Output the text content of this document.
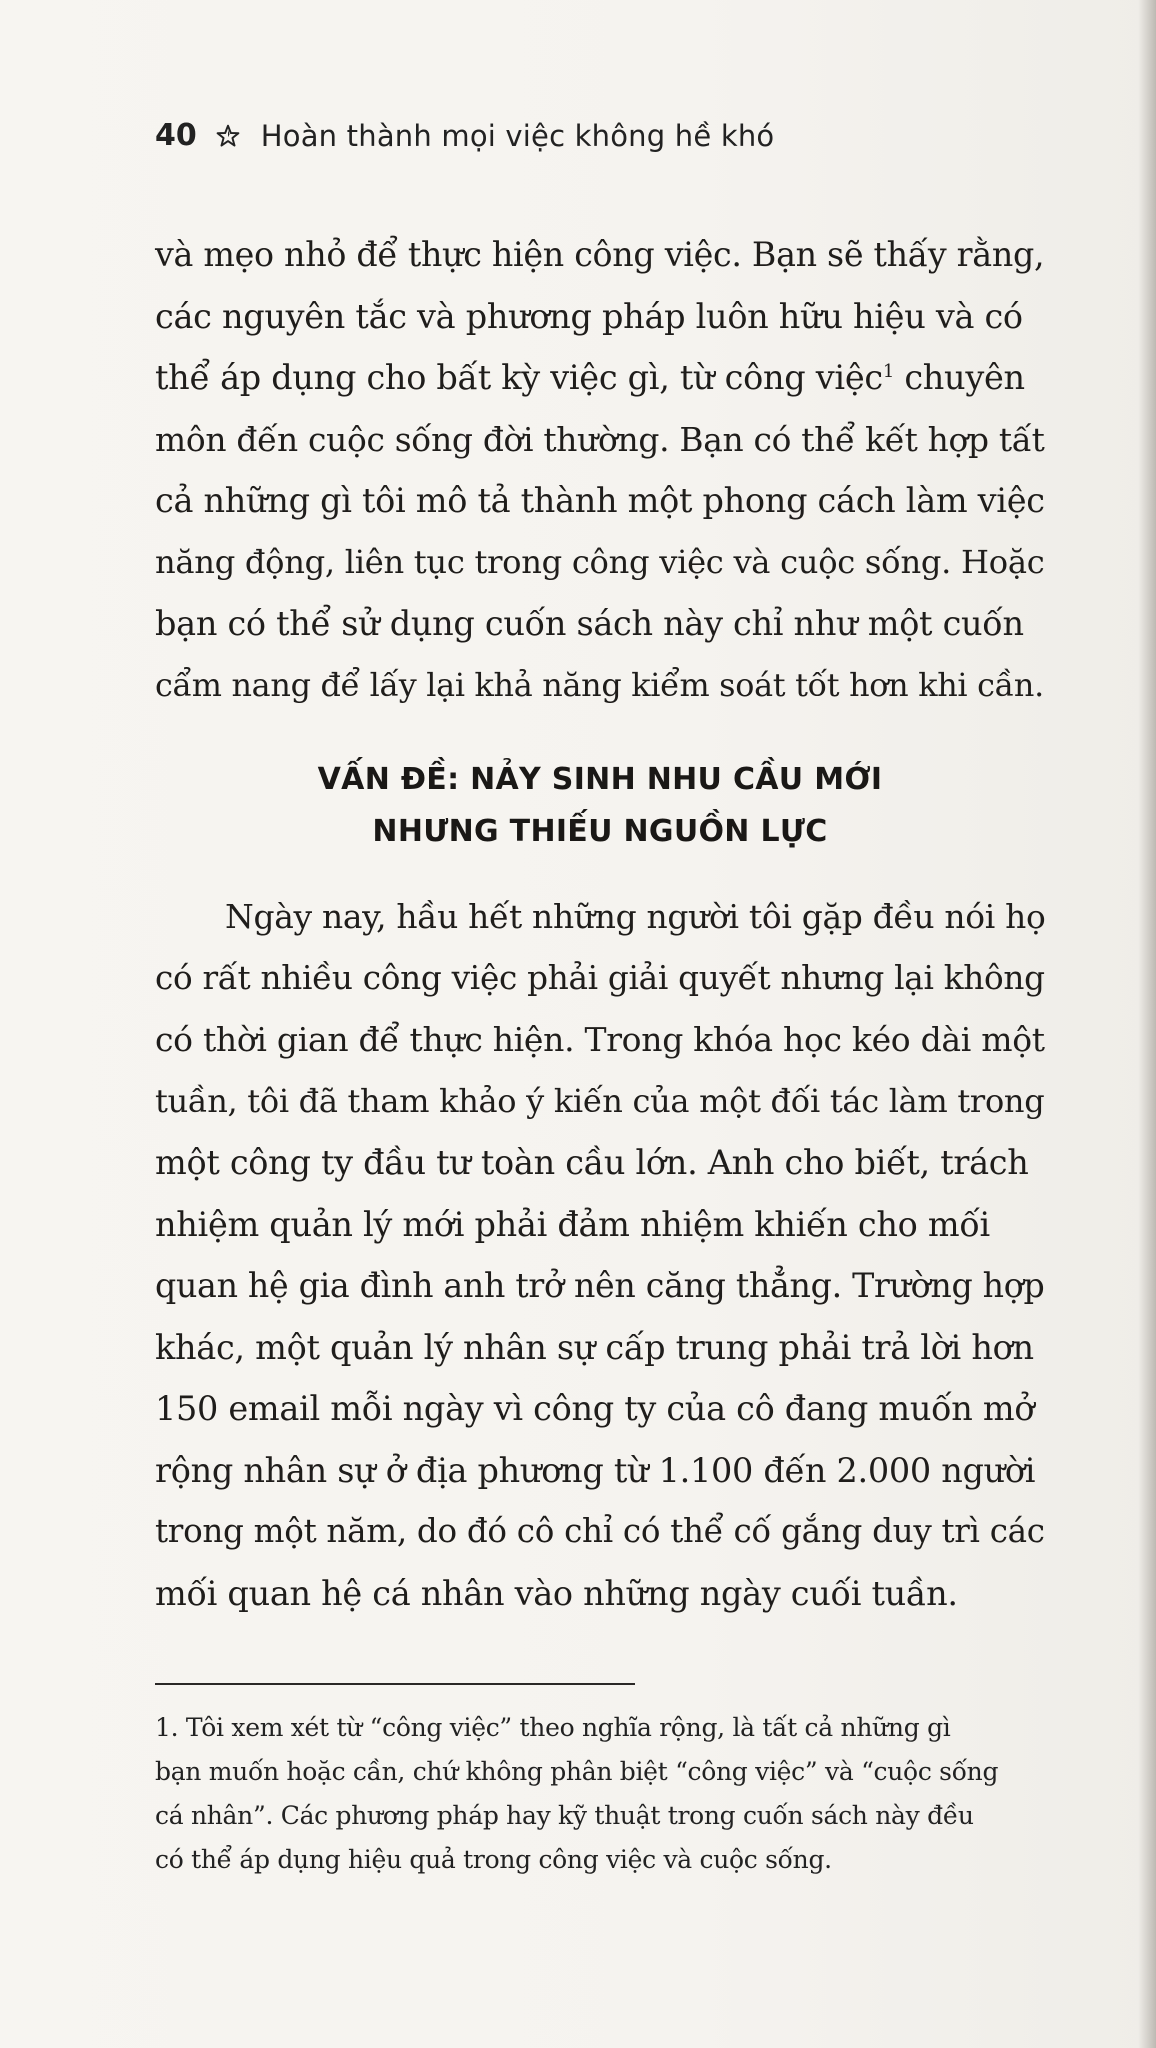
40 Hoàn thành mọi việc không hề khó
và mẹo nhỏ để thực hiện công việc. Bạn sẽ thấy rằng,
các nguyên tắc và phương pháp luôn hữu hiệu và có
thể áp dụng cho bất kỳ việc gì, từ công việc$^1$ chuyên
môn đến cuộc sống đời thường. Bạn có thể kết hợp tất
cả những gì tôi mô tả thành một phong cách làm việc
năng động, liên tục trong công việc và cuộc sống. Hoặc
bạn có thể sử dụng cuốn sách này chỉ như một cuốn
cẩm nang để lấy lại khả năng kiểm soát tốt hơn khi cần.
VẤN ĐỀ: NẢY SINH NHU CẦU MỚI
NHƯNG THIẾU NGUỒN LỰC
Ngày nay, hầu hết những người tôi gặp đều nói họ
có rất nhiều công việc phải giải quyết nhưng lại không
có thời gian để thực hiện. Trong khóa học kéo dài một
tuần, tôi đã tham khảo ý kiến của một đối tác làm trong
một công ty đầu tư toàn cầu lớn. Anh cho biết, trách
nhiệm quản lý mới phải đảm nhiệm khiến cho mối
quan hệ gia đình anh trở nên căng thẳng. Trường hợp
khác, một quản lý nhân sự cấp trung phải trả lời hơn
150 email mỗi ngày vì công ty của cô đang muốn mở
rộng nhân sự ở địa phương từ 1.100 đến 2.000 người
trong một năm, do đó cô chỉ có thể cố gắng duy trì các
mối quan hệ cá nhân vào những ngày cuối tuần.
1. Tôi xem xét từ “công việc” theo nghĩa rộng, là tất cả những gì
bạn muốn hoặc cần, chứ không phân biệt “công việc” và “cuộc sống
cá nhân”. Các phương pháp hay kỹ thuật trong cuốn sách này đều
có thể áp dụng hiệu quả trong công việc và cuộc sống.
